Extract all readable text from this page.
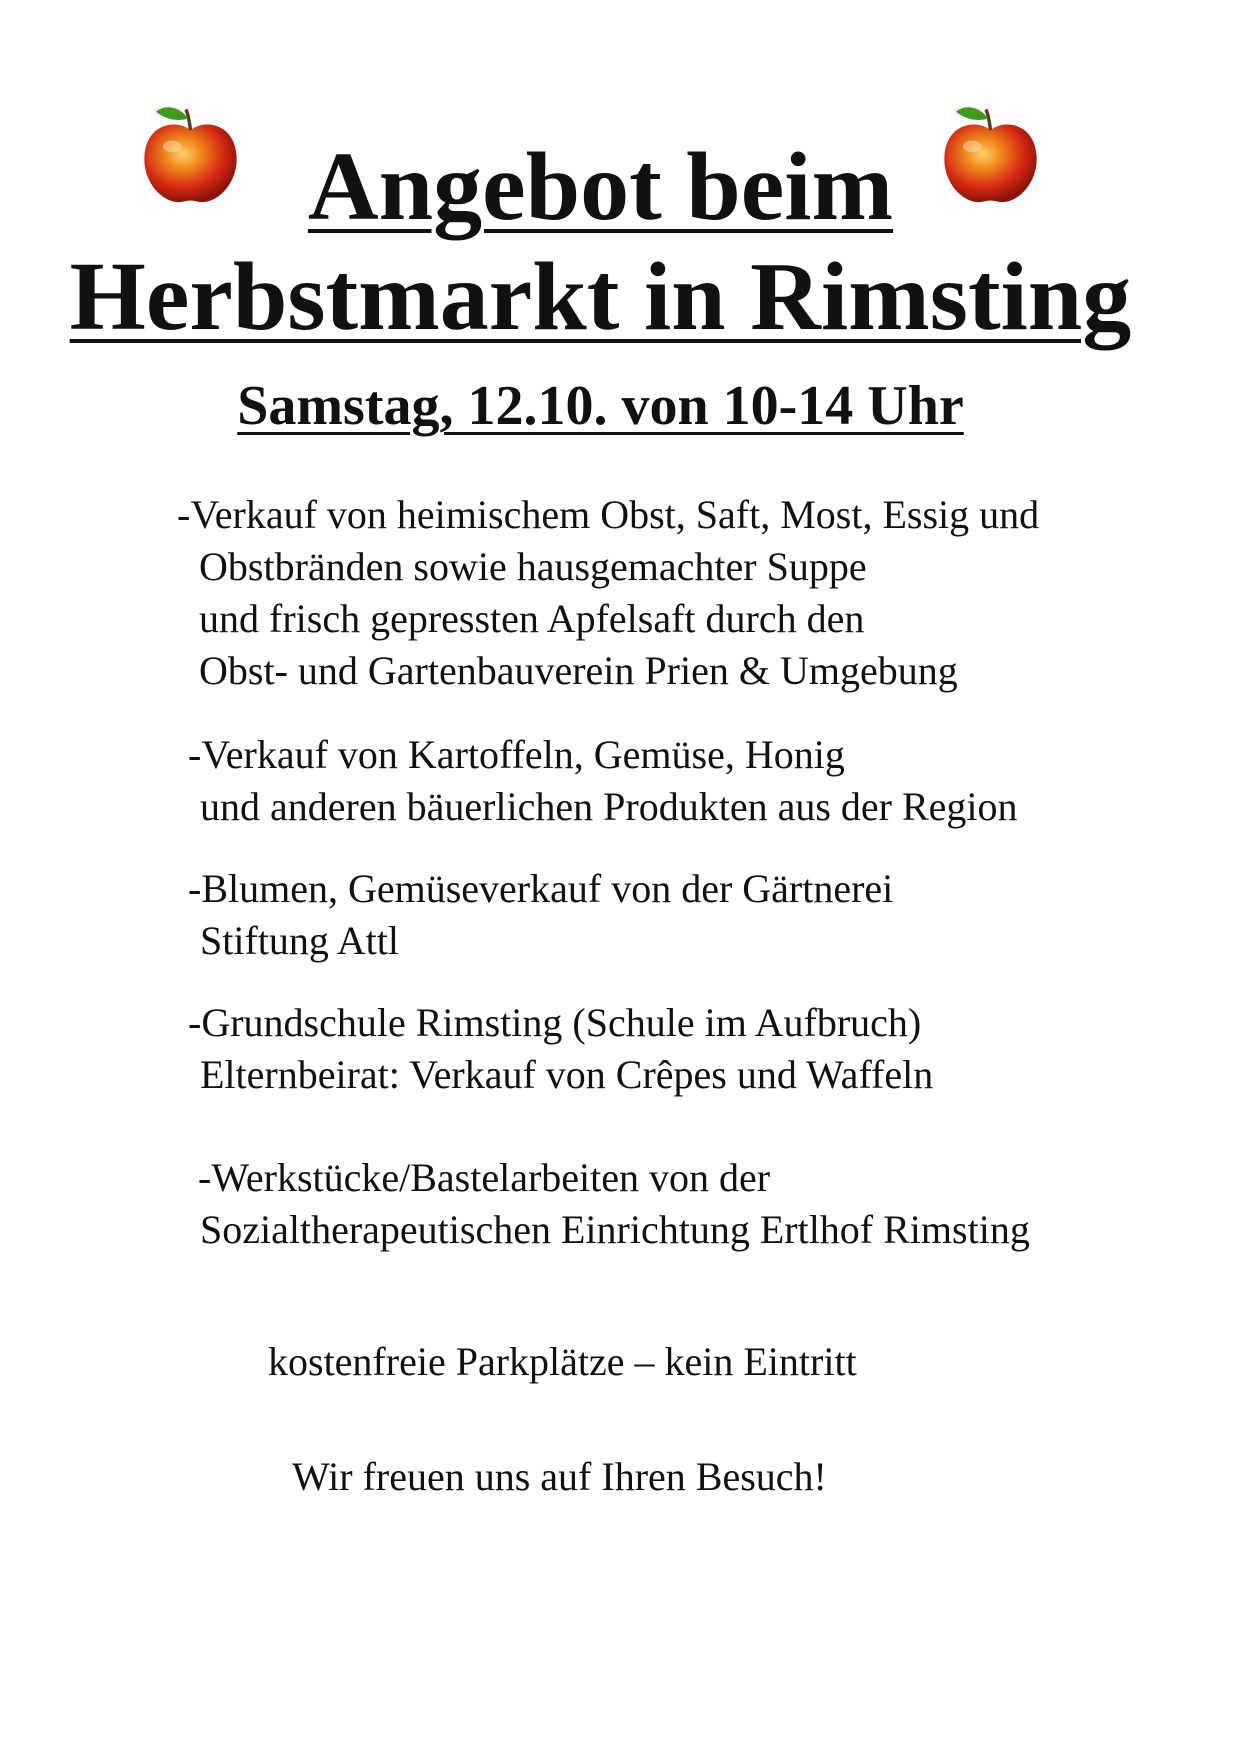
Angebot beim
Herbstmarkt in Rimsting
Samstag, 12.10. von 10-14 Uhr
-Verkauf von heimischem Obst, Saft, Most, Essig und
Obstbränden sowie hausgemachter Suppe
und frisch gepressten Apfelsaft durch den
Obst- und Gartenbauverein Prien & Umgebung
-Verkauf von Kartoffeln, Gemüse, Honig
und anderen bäuerlichen Produkten aus der Region
-Blumen, Gemüseverkauf von der Gärtnerei
Stiftung Attl
-Grundschule Rimsting (Schule im Aufbruch)
Elternbeirat: Verkauf von Crêpes und Waffeln
-Werkstücke/Bastelarbeiten von der
Sozialtherapeutischen Einrichtung Ertlhof Rimsting
kostenfreie Parkplätze – kein Eintritt
Wir freuen uns auf Ihren Besuch!
